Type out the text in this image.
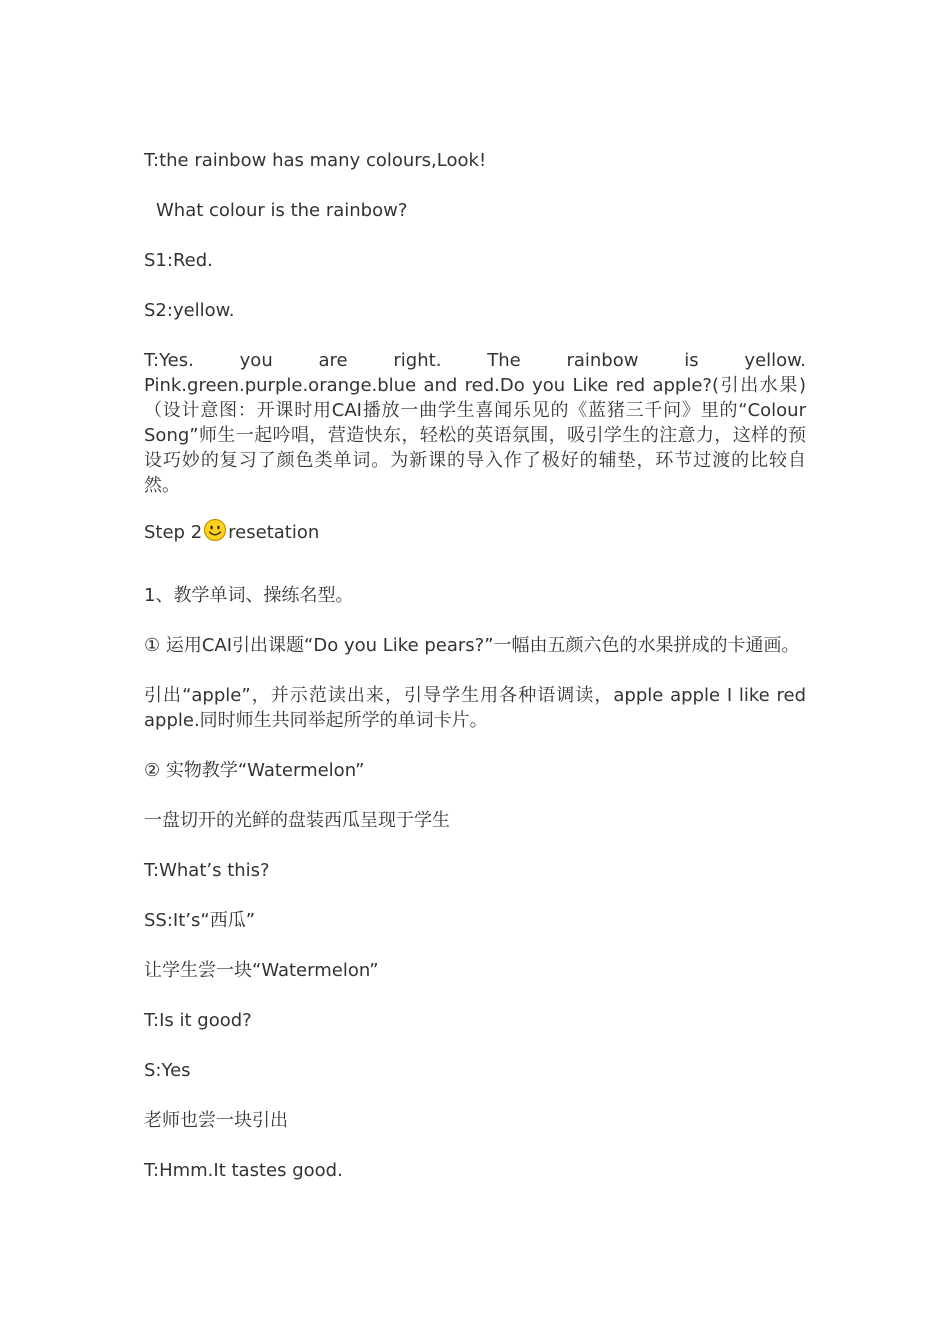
T:the rainbow has many colours,Look!
What colour is the rainbow?
S1:Red.
S2:yellow.
T:Yes.	you	are	right.	The	rainbow	is	yellow.
Pink.green.purple.orange.blue and red.Do you Like red apple?(引出水果)（设计意图：开课时用CAI播放一曲学生喜闻乐见的《蓝猪三千问》里的“Colour Song”师生一起吟唱，营造快东，轻松的英语氛围，吸引学生的注意力，这样的预设巧妙的复习了颜色类单词。为新课的导入作了极好的辅垫，环节过渡的比较自然。
Step 2 resetation
1、教学单词、操练名型。
① 运用CAI引出课题“Do you Like pears?”一幅由五颜六色的水果拼成的卡通画。
引出“apple”，并示范读出来，引导学生用各种语调读，apple apple I like red apple.同时师生共同举起所学的单词卡片。
② 实物教学“Watermelon”
一盘切开的光鲜的盘装西瓜呈现于学生
T:What’s this?
SS:It’s“西瓜”
让学生尝一块“Watermelon”
T:Is it good?
S:Yes
老师也尝一块引出
T:Hmm.It tastes good.
